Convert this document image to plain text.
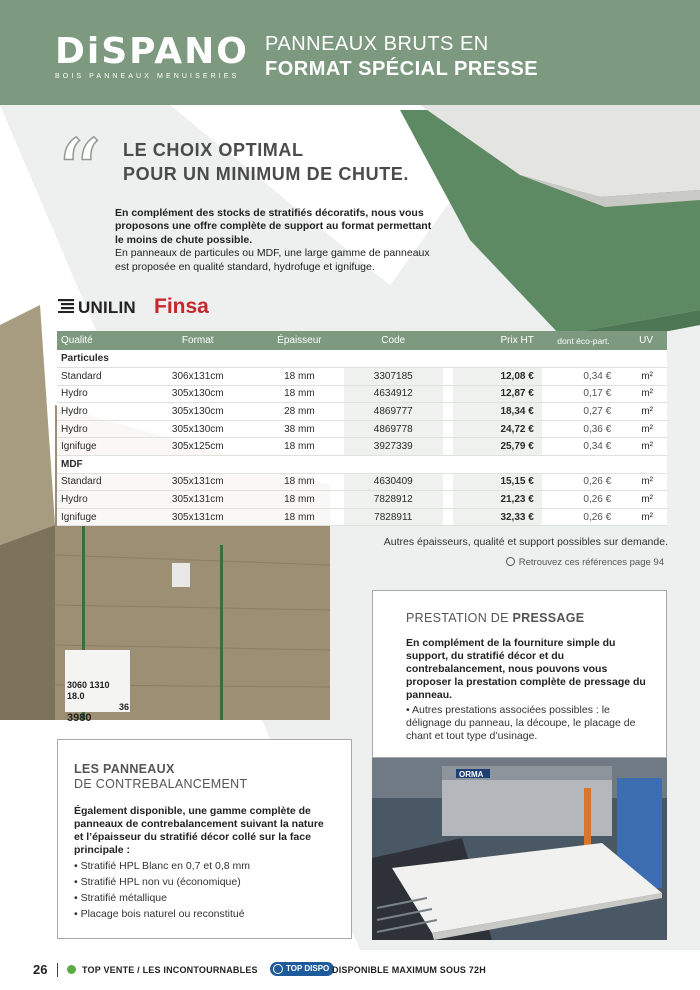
DiSPANO
BOIS PANNEAUX MENUISERIES
PANNEAUX BRUTS EN
FORMAT SPÉCIAL PRESSE
3060 1310 18.0
36
3980
“ LE CHOIX OPTIMAL
POUR UN MINIMUM DE CHUTE.
En complément des stocks de stratifiés décoratifs, nous vous proposons une offre complète de support au format permettant le moins de chute possible.
En panneaux de particules ou MDF, une large gamme de panneaux est proposée en qualité standard, hydrofuge et ignifuge.
UNILIN Finsa
Qualité	Format	Épaisseur	Code		Prix HT	dont éco-part.	UV
Particules							
Standard	306x131cm	18 mm	3307185		12,08 €	0,34 €	m²
Hydro	305x130cm	18 mm	4634912		12,87 €	0,17 €	m²
Hydro	305x130cm	28 mm	4869777		18,34 €	0,27 €	m²
Hydro	305x130cm	38 mm	4869778		24,72 €	0,36 €	m²
Ignifuge	305x125cm	18 mm	3927339		25,79 €	0,34 €	m²
MDF							
Standard	305x131cm	18 mm	4630409		15,15 €	0,26 €	m²
Hydro	305x131cm	18 mm	7828912		21,23 €	0,26 €	m²
Ignifuge	305x131cm	18 mm	7828911		32,33 €	0,26 €	m²
Autres épaisseurs, qualité et support possibles sur demande.
Retrouvez ces références page 94
PRESTATION DE PRESSAGE
En complément de la fourniture simple du support, du stratifié décor et du contrebalancement, nous pouvons vous proposer la prestation complète de pressage du panneau.
• Autres prestations associées possibles : le délignage du panneau, la découpe, le placage de chant et tout type d’usinage.
ORMA
LES PANNEAUX
DE CONTREBALANCEMENT
Également disponible, une gamme complète de panneaux de contrebalancement suivant la nature et l’épaisseur du stratifié décor collé sur la face principale :
• Stratifié HPL Blanc en 0,7 et 0,8 mm
• Stratifié HPL non vu (économique)
• Stratifié métallique
• Placage bois naturel ou reconstitué
26	TOP VENTE / LES INCONTOURNABLES	TOP DISPO DISPONIBLE MAXIMUM SOUS 72H
